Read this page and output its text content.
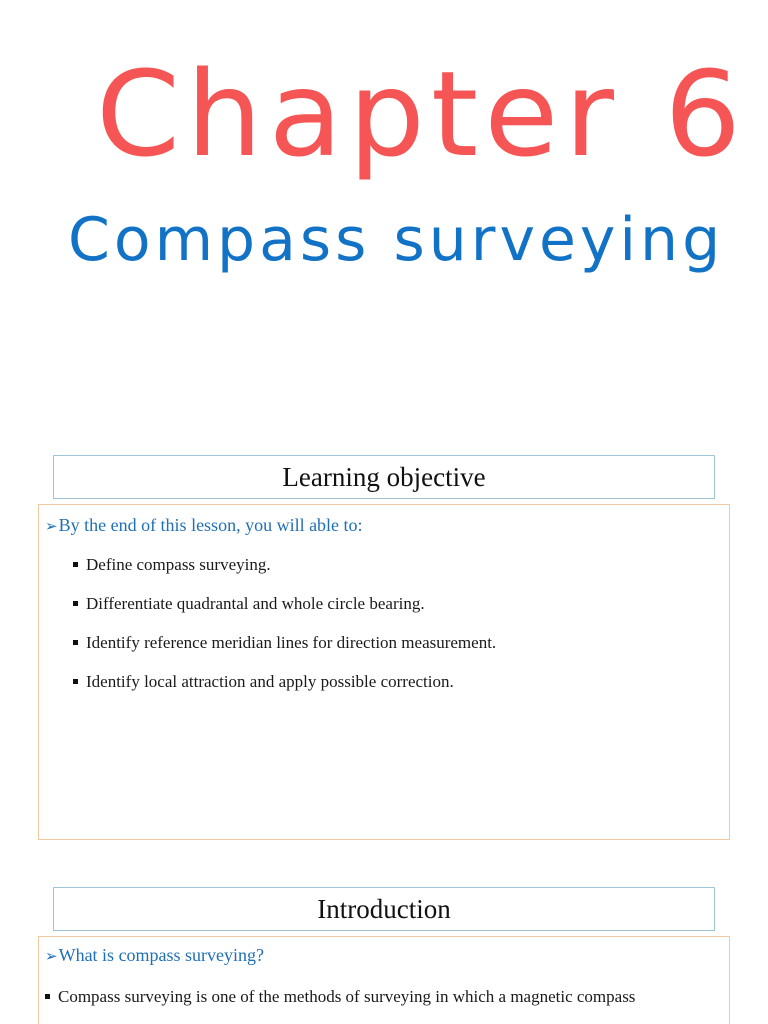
Chapter 6
Compass surveying
Learning objective
➢By the end of this lesson, you will able to:
Define compass surveying.
Differentiate quadrantal and whole circle bearing.
Identify reference meridian lines for direction measurement.
Identify local attraction and apply possible correction.
Introduction
➢What is compass surveying?

Compass surveying is one of the methods of surveying in which a magnetic compass
